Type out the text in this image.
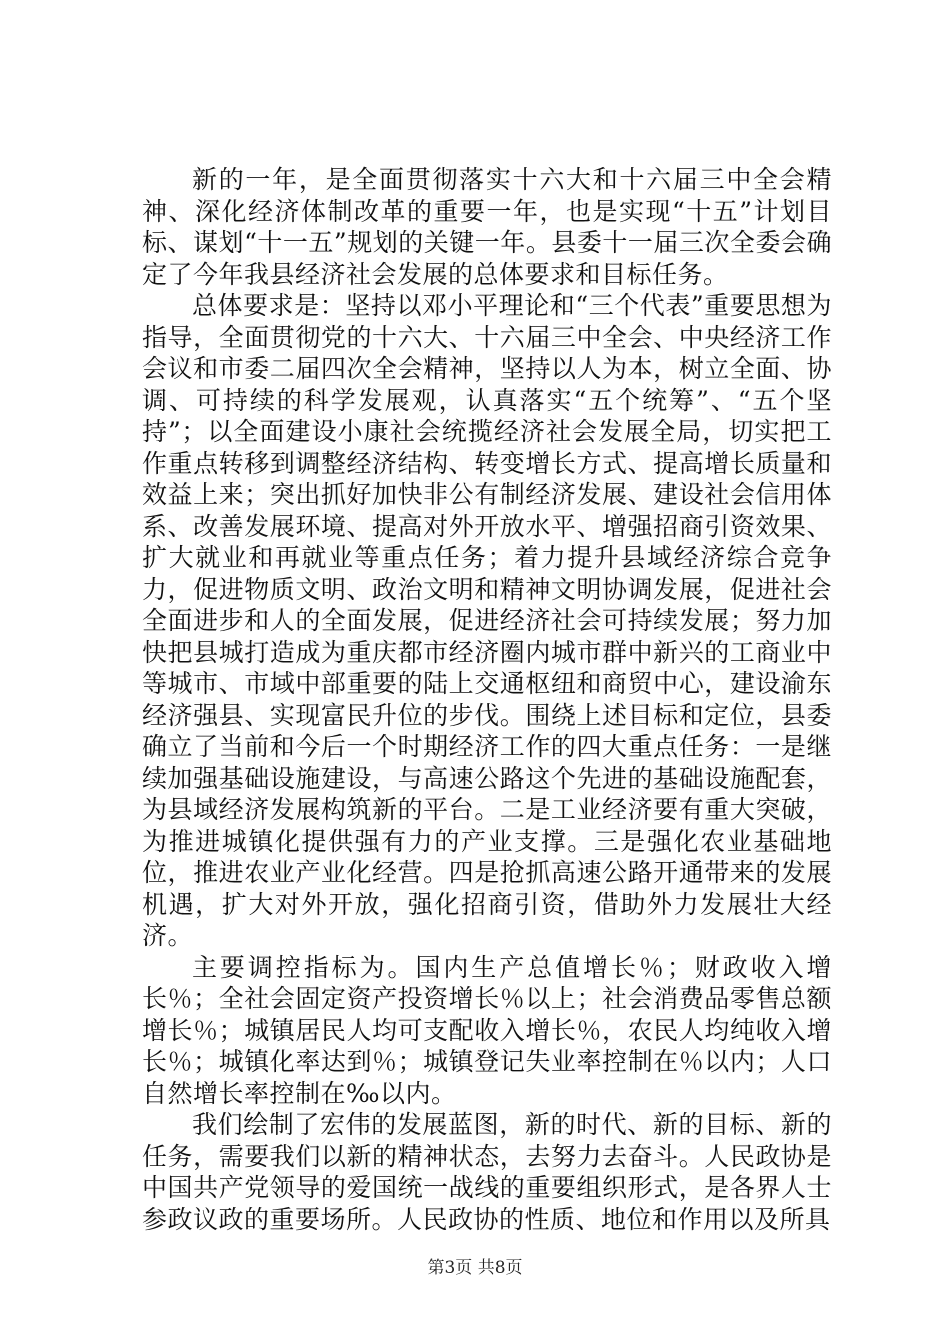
新的一年，是全面贯彻落实十六大和十六届三中全会精神、深化经济体制改革的重要一年，也是实现“十五”计划目标、谋划“十一五”规划的关键一年。县委十一届三次全委会确定了今年我县经济社会发展的总体要求和目标任务。

总体要求是：坚持以邓小平理论和“三个代表”重要思想为指导，全面贯彻党的十六大、十六届三中全会、中央经济工作会议和市委二届四次全会精神，坚持以人为本，树立全面、协调、可持续的科学发展观，认真落实“五个统筹”、“五个坚持”；以全面建设小康社会统揽经济社会发展全局，切实把工作重点转移到调整经济结构、转变增长方式、提高增长质量和效益上来；突出抓好加快非公有制经济发展、建设社会信用体系、改善发展环境、提高对外开放水平、增强招商引资效果、扩大就业和再就业等重点任务；着力提升县域经济综合竞争力，促进物质文明、政治文明和精神文明协调发展，促进社会全面进步和人的全面发展，促进经济社会可持续发展；努力加快把县城打造成为重庆都市经济圈内城市群中新兴的工商业中等城市、市域中部重要的陆上交通枢纽和商贸中心，建设渝东经济强县、实现富民升位的步伐。围绕上述目标和定位，县委确立了当前和今后一个时期经济工作的四大重点任务：一是继续加强基础设施建设，与高速公路这个先进的基础设施配套，为县域经济发展构筑新的平台。二是工业经济要有重大突破，为推进城镇化提供强有力的产业支撑。三是强化农业基础地位，推进农业产业化经营。四是抢抓高速公路开通带来的发展机遇，扩大对外开放，强化招商引资，借助外力发展壮大经济。

主要调控指标为。国内生产总值增长％；财政收入增长％；全社会固定资产投资增长％以上；社会消费品零售总额增长％；城镇居民人均可支配收入增长％，农民人均纯收入增长％；城镇化率达到％；城镇登记失业率控制在％以内；人口自然增长率控制在‰以内。

我们绘制了宏伟的发展蓝图，新的时代、新的目标、新的任务，需要我们以新的精神状态，去努力去奋斗。人民政协是中国共产党领导的爱国统一战线的重要组织形式，是各界人士参政议政的重要场所。人民政协的性质、地位和作用以及所具

第3页 共8页
